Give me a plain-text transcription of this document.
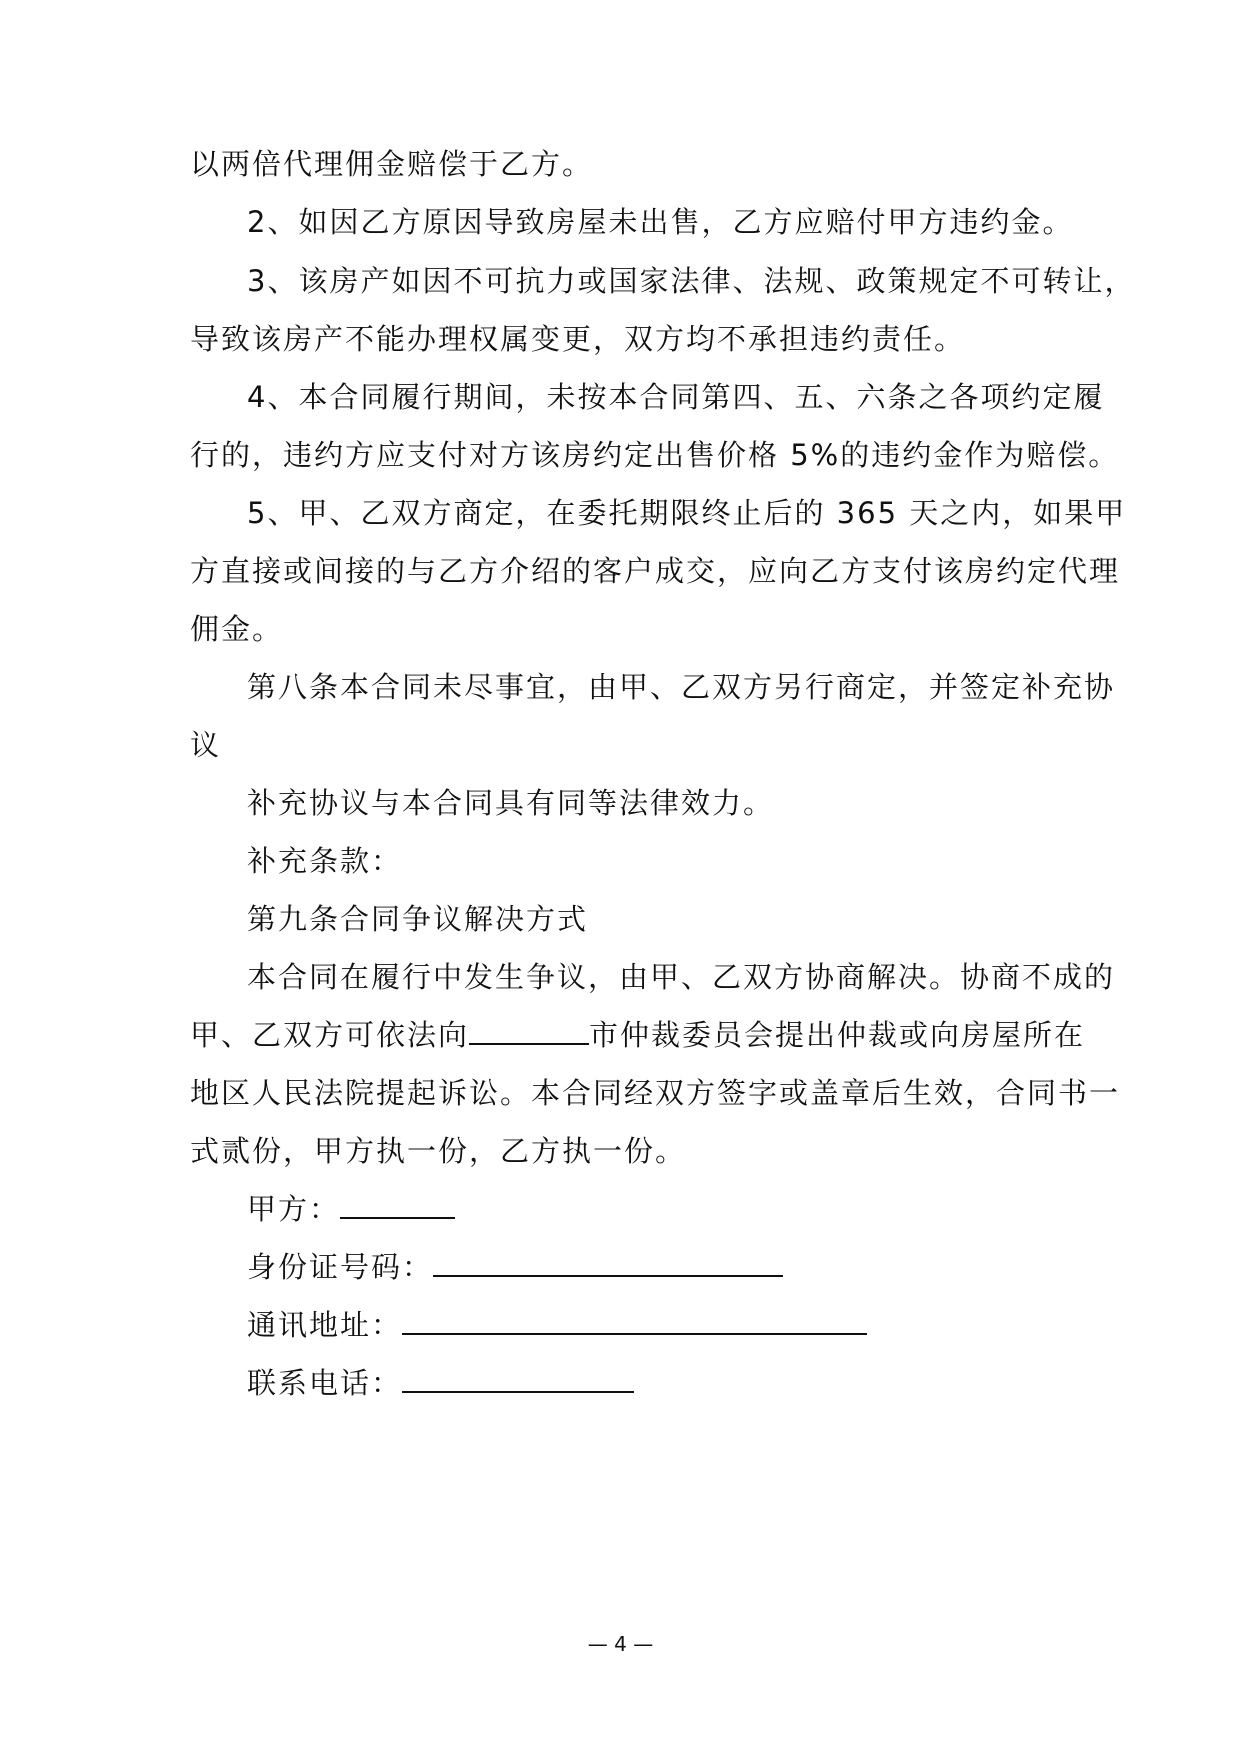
以两倍代理佣金赔偿于乙方。
2、如因乙方原因导致房屋未出售，乙方应赔付甲方违约金。
3、该房产如因不可抗力或国家法律、法规、政策规定不可转让，
导致该房产不能办理权属变更，双方均不承担违约责任。
4、本合同履行期间，未按本合同第四、五、六条之各项约定履
行的，违约方应支付对方该房约定出售价格 5%的违约金作为赔偿。
5、甲、乙双方商定，在委托期限终止后的 365 天之内，如果甲
方直接或间接的与乙方介绍的客户成交，应向乙方支付该房约定代理
佣金。
第八条本合同未尽事宜，由甲、乙双方另行商定，并签定补充协
议
补充协议与本合同具有同等法律效力。
补充条款：
第九条合同争议解决方式
本合同在履行中发生争议，由甲、乙双方协商解决。协商不成的
甲、乙双方可依法向	市仲裁委员会提出仲裁或向房屋所在
地区人民法院提起诉讼。本合同经双方签字或盖章后生效，合同书一
式贰份，甲方执一份，乙方执一份。
甲方：
身份证号码：
通讯地址：
联系电话：
— 4 —
